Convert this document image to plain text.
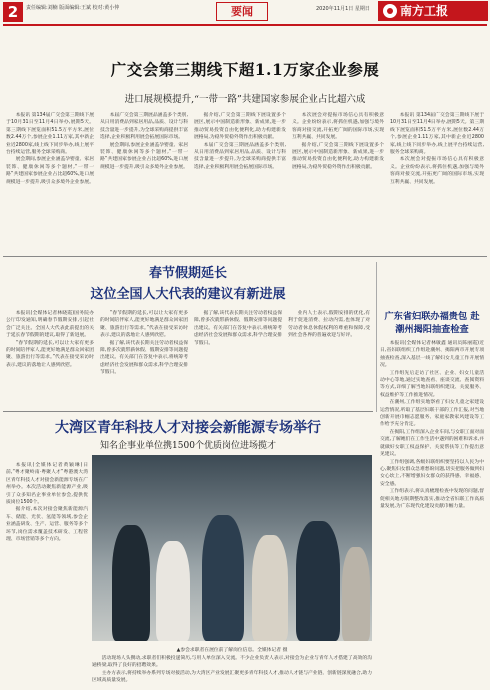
2	责任编辑:刘楠 版面编辑:王斌 校对:黄小仲	要闻	2020年11月1日 星期日	南方工报
广交会第三期线下超1.1万家企业参展
进口展规模提升,“一带一路”共建国家参展企业占比超六成

本报讯 第134届广交会第三期线下展于10月31日至11月4日举办,展期5天。第三期线下展览面积51.5万平方米,展位数2.44万个,参展企业1.11万家,其中新企业近2800家,线上线下同步举办,线上展平台持续运营,服务全球采购商。

展会期间,参展企业涵盖孕婴童、家居装饰、健康休闲等多个题材,“一带一路”共建国家参展企业占比超60%,进口展规模进一步提升,吸引众多境外企业参展。

本届广交会第三期展品涵盖多个类别,从日用消费品到家居用品,品质、设计与科技含量进一步提升,为全球采购商提供丰富选择,企业积极利用展会拓展国际市场。

展会期间,参展企业涵盖孕婴童、家居装饰、健康休闲等多个题材,“一带一路”共建国家参展企业占比超60%,进口展规模进一步提升,吸引众多境外企业参展。

据介绍,广交会第三期线下展设置多个展区,展示中国制造新形象、新成果,进一步推动贸易投资自由化便利化,助力构建新发展格局,为稳外贸稳外资作出积极贡献。

本届广交会第三期展品涵盖多个类别,从日用消费品到家居用品,品质、设计与科技含量进一步提升,为全球采购商提供丰富选择,企业积极利用展会拓展国际市场。

本次展会对提振市场信心具有积极意义。企业纷纷表示,将抓住机遇,加强与境外客商对接交流,开拓更广阔的国际市场,实现互利共赢、共同发展。

据介绍,广交会第三期线下展设置多个展区,展示中国制造新形象、新成果,进一步推动贸易投资自由化便利化,助力构建新发展格局,为稳外贸稳外资作出积极贡献。

本报讯 第134届广交会第三期线下展于10月31日至11月4日举办,展期5天。第三期线下展览面积51.5万平方米,展位数2.44万个,参展企业1.11万家,其中新企业近2800家,线上线下同步举办,线上展平台持续运营,服务全球采购商。

本次展会对提振市场信心具有积极意义。企业纷纷表示,将抓住机遇,加强与境外客商对接交流,开拓更广阔的国际市场,实现互利共赢、共同发展。

春节假期延长
这位全国人大代表的建议有新进展

本报讯(全媒体记者林晓霞)国务院办公厅印发通知,明确春节假期安排,引起社会广泛关注。全国人大代表此前提出的关于延长春节假期的建议,取得了新进展。

“春节假期的延长,可以让大家有更多的时间陪伴家人,能更好地满足群众回家团聚、旅游出行等需求。”代表在接受采访时表示,建议的落地让人感到欣慰。

“春节假期的延长,可以让大家有更多的时间陪伴家人,能更好地满足群众回家团聚、旅游出行等需求。”代表在接受采访时表示,建议的落地让人感到欣慰。

据了解,该代表长期关注劳动者权益保障,曾多次就带薪休假、假期安排等问题提出建议。有关部门在答复中表示,将统筹考虑经济社会发展和群众需求,科学合理安排节假日。

据了解,该代表长期关注劳动者权益保障,曾多次就带薪休假、假期安排等问题提出建议。有关部门在答复中表示,将统筹考虑经济社会发展和群众需求,科学合理安排节假日。

业内人士表示,假期安排的优化,有利于促进消费、拉动内需,也体现了对劳动者休息休假权利的尊重和保障,受到社会各界的普遍欢迎与好评。

广东省妇联办福贵包 赴潮州揭阳抽查检查

本报讯(全媒体记者林敏鑫 通讯员陈丽霞)近日,省妇联组织工作组赴潮州、揭阳两市开展专项抽查检查,深入基层一线了解妇女儿童工作开展情况。

工作组先后走访了社区、企业、妇女儿童活动中心等地,通过实地查看、座谈交流、查阅资料等方式,详细了解当地妇联组织建设、关爱服务、权益维护等工作推进情况。

在潮州,工作组实地察看了妇女儿童之家建设运营情况,听取了基层妇联干部的工作汇报,对当地创新开展巾帼志愿服务、家庭家教家风建设等工作给予充分肯定。

在揭阳,工作组深入企业车间,与女职工面对面交流,了解她们在工作生活中遇到的困难和诉求,并就做好女职工权益保护、关爱帮扶等工作提出意见建议。

工作组强调,各级妇联组织要坚持以人民为中心,聚焦妇女群众急难愁盼问题,切实把服务做到妇女心坎上,不断增强妇女群众的获得感、幸福感、安全感。

工作组表示,将认真梳理检查中发现的问题,督促相关地方限期整改落实,推动全省妇联工作高质量发展,为广东现代化建设贡献巾帼力量。

大湾区青年科技人才对接会新能源专场举行
知名企事业单位携1500个优质岗位进场揽才

本报讯(全媒体记者黄颖琳)日前,“粤才聚岭南·粤聚人才”粤港澳大湾区青年科技人才对接会新能源专场在广州举办。本次活动聚焦新能源产业,吸引了众多知名企事业单位参会,提供优质岗位1500个。

据介绍,本次对接会聚焦新能源汽车、储能、光伏、氢能等领域,参会企业涵盖研发、生产、运营、服务等多个环节,岗位需求覆盖技术研发、工程管理、市场营销等多个方向。

▲参会求职者在展位前了解岗位信息。全媒体记者 摄

活动现场人头攒动,求职者们积极投递简历,与用人单位深入交流。不少企业负责人表示,对接会为企业与青年人才搭建了高效的沟通桥梁,取得了良好的招聘效果。

主办方表示,将持续举办系列专场对接活动,为大湾区产业发展汇聚更多青年科技人才,推动人才链与产业链、创新链深度融合,助力区域高质量发展。
